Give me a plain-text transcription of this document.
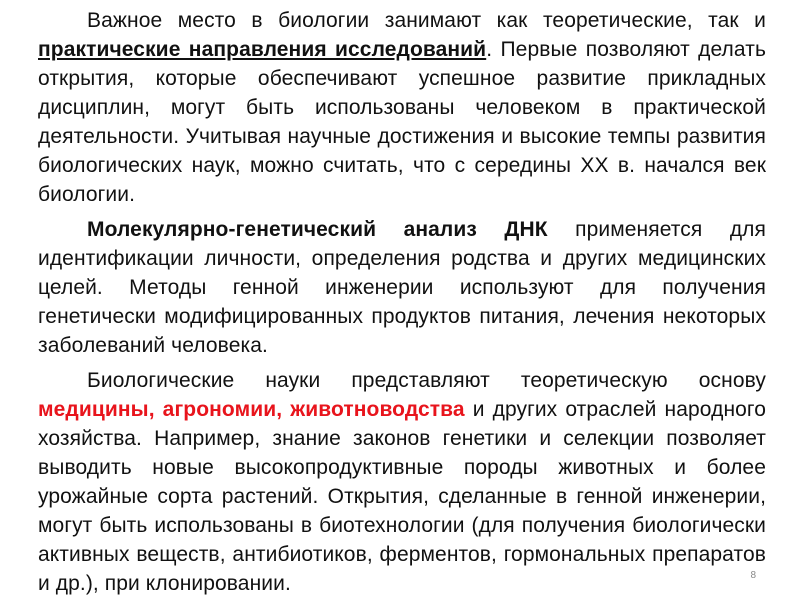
Важное место в биологии занимают как теоретические, так и практические направления исследований. Первые позволяют делать открытия, которые обеспечивают успешное развитие прикладных дисциплин, могут быть использованы человеком в практической деятельности. Учитывая научные достижения и высокие темпы развития биологических наук, можно считать, что с середины XX в. начался век биологии.

Молекулярно-генетический анализ ДНК применяется для идентификации личности, определения родства и других медицинских целей. Методы генной инженерии используют для получения генетически модифицированных продуктов питания, лечения некоторых заболеваний человека.

Биологические науки представляют теоретическую основу медицины, агрономии, животноводства и других отраслей народного хозяйства. Например, знание законов генетики и селекции позволяет выводить новые высокопродуктивные породы животных и более урожайные сорта растений. Открытия, сделанные в генной инженерии, могут быть использованы в биотехнологии (для получения биологически активных веществ, антибиотиков, ферментов, гормональных препаратов и др.), при клонировании.	8
